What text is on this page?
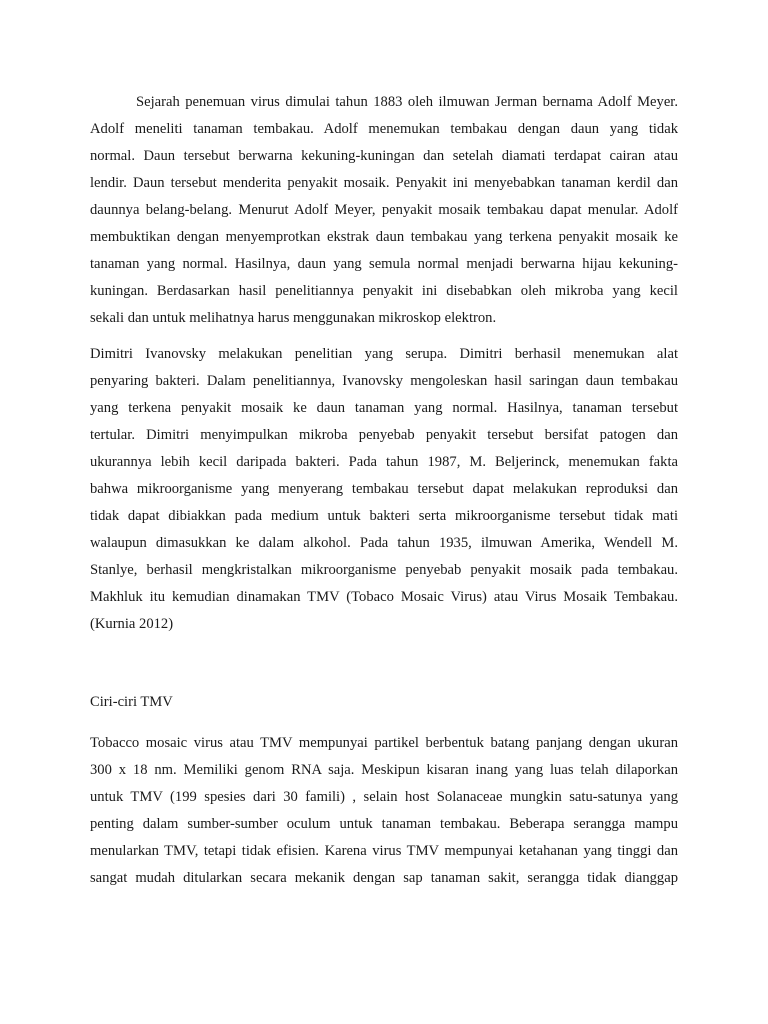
Sejarah penemuan virus dimulai tahun 1883 oleh ilmuwan Jerman bernama Adolf Meyer.
Adolf meneliti tanaman tembakau. Adolf menemukan tembakau dengan daun yang tidak
normal. Daun tersebut berwarna kekuning-kuningan dan setelah diamati terdapat cairan atau
lendir. Daun tersebut menderita penyakit mosaik. Penyakit ini menyebabkan tanaman kerdil dan
daunnya belang-belang. Menurut Adolf Meyer, penyakit mosaik tembakau dapat menular. Adolf
membuktikan dengan menyemprotkan ekstrak daun tembakau yang terkena penyakit mosaik ke
tanaman yang normal. Hasilnya, daun yang semula normal menjadi berwarna hijau kekuning-
kuningan. Berdasarkan hasil penelitiannya penyakit ini disebabkan oleh mikroba yang kecil
sekali dan untuk melihatnya harus menggunakan mikroskop elektron.
Dimitri Ivanovsky melakukan penelitian yang serupa. Dimitri berhasil menemukan alat
penyaring bakteri. Dalam penelitiannya, Ivanovsky mengoleskan hasil saringan daun tembakau
yang terkena penyakit mosaik ke daun tanaman yang normal. Hasilnya, tanaman tersebut
tertular. Dimitri menyimpulkan mikroba penyebab penyakit tersebut bersifat patogen dan
ukurannya lebih kecil daripada bakteri. Pada tahun 1987, M. Beljerinck, menemukan fakta
bahwa mikroorganisme yang menyerang tembakau tersebut dapat melakukan reproduksi dan
tidak dapat dibiakkan pada medium untuk bakteri serta mikroorganisme tersebut tidak mati
walaupun dimasukkan ke dalam alkohol. Pada tahun 1935, ilmuwan Amerika, Wendell M.
Stanlye, berhasil mengkristalkan mikroorganisme penyebab penyakit mosaik pada tembakau.
Makhluk itu kemudian dinamakan TMV (Tobaco Mosaic Virus) atau Virus Mosaik Tembakau.
(Kurnia 2012)
Ciri-ciri TMV
Tobacco mosaic virus atau TMV mempunyai partikel berbentuk batang panjang dengan ukuran
300 x 18 nm. Memiliki genom RNA saja. Meskipun kisaran inang yang luas telah dilaporkan
untuk TMV (199 spesies dari 30 famili) , selain host Solanaceae mungkin satu-satunya yang
penting dalam sumber-sumber oculum untuk tanaman tembakau. Beberapa serangga mampu
menularkan TMV, tetapi tidak efisien. Karena virus TMV mempunyai ketahanan yang tinggi dan
sangat mudah ditularkan secara mekanik dengan sap tanaman sakit, serangga tidak dianggap
